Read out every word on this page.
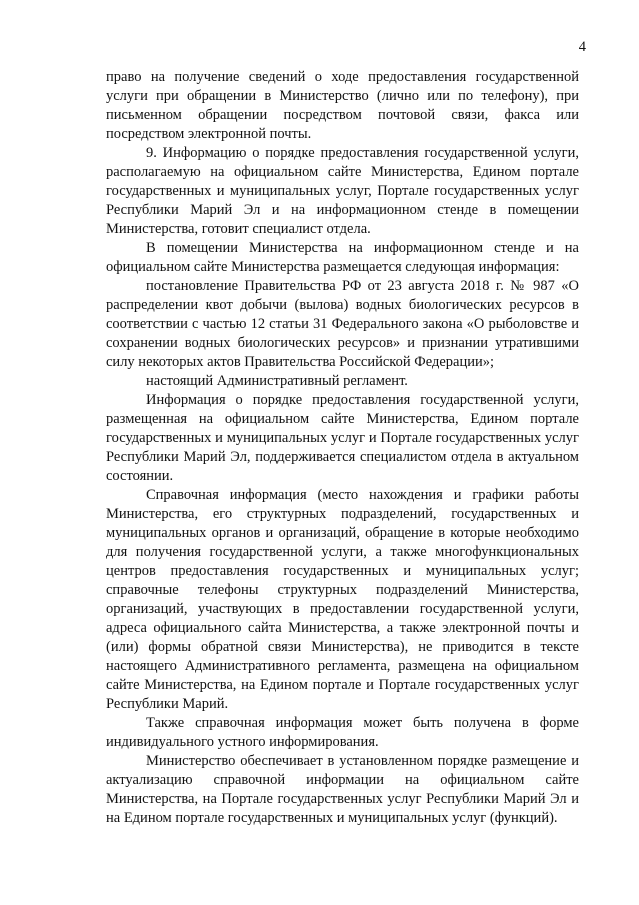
4

право на получение сведений о ходе предоставления государственной услуги при обращении в Министерство (лично или по телефону), при письменном обращении посредством почтовой связи, факса или посредством электронной почты.

9. Информацию о порядке предоставления государственной услуги, располагаемую на официальном сайте Министерства, Едином портале государственных и муниципальных услуг, Портале государственных услуг Республики Марий Эл и на информационном стенде в помещении Министерства, готовит специалист отдела.

В помещении Министерства на информационном стенде и на официальном сайте Министерства размещается следующая информация:

постановление Правительства РФ от 23 августа 2018 г. № 987 «О распределении квот добычи (вылова) водных биологических ресурсов в соответствии с частью 12 статьи 31 Федерального закона «О рыболовстве и сохранении водных биологических ресурсов» и признании утратившими силу некоторых актов Правительства Российской Федерации»;

настоящий Административный регламент.

Информация о порядке предоставления государственной услуги, размещенная на официальном сайте Министерства, Едином портале государственных и муниципальных услуг и Портале государственных услуг Республики Марий Эл, поддерживается специалистом отдела в актуальном состоянии.

Справочная информация (место нахождения и графики работы Министерства, его структурных подразделений, государственных и муниципальных органов и организаций, обращение в которые необходимо для получения государственной услуги, а также многофункциональных центров предоставления государственных и муниципальных услуг; справочные телефоны структурных подразделений Министерства, организаций, участвующих в предоставлении государственной услуги, адреса официального сайта Министерства, а также электронной почты и (или) формы обратной связи Министерства), не приводится в тексте настоящего Административного регламента, размещена на официальном сайте Министерства, на Едином портале и Портале государственных услуг Республики Марий.

Также справочная информация может быть получена в форме индивидуального устного информирования.

Министерство обеспечивает в установленном порядке размещение и актуализацию справочной информации на официальном сайте Министерства, на Портале государственных услуг Республики Марий Эл и на Едином портале государственных и муниципальных услуг (функций).
